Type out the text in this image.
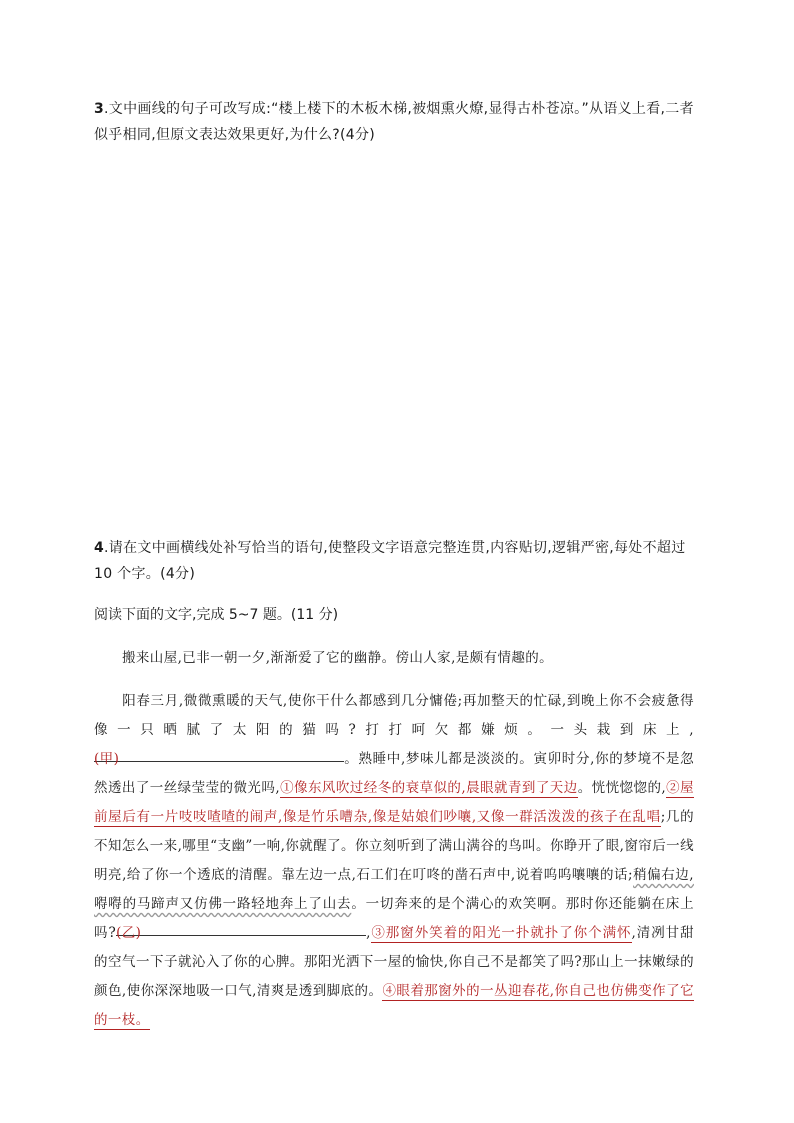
3.文中画线的句子可改写成:“楼上楼下的木板木梯,被烟熏火燎,显得古朴苍凉。”从语义上看,二者似乎相同,但原文表达效果更好,为什么?(4分)
4.请在文中画横线处补写恰当的语句,使整段文字语意完整连贯,内容贴切,逻辑严密,每处不超过 10 个字。(4分)
阅读下面的文字,完成 5~7 题。(11 分)
搬来山屋,已非一朝一夕,渐渐爱了它的幽静。傍山人家,是颇有情趣的。
阳春三月,微微熏暖的天气,使你干什么都感到几分慵倦;再加整天的忙碌,到晚上你不会疲惫得像一只晒腻了太阳的猫吗?打打呵欠都嫌烦。一头栽到床上,(甲)	。熟睡中,梦味儿都是淡淡的。寅卯时分,你的梦境不是忽然透出了一丝绿莹莹的微光吗,①像东风吹过经冬的衰草似的,晨眼就青到了天边。恍恍惚惚的,②屋前屋后有一片吱吱喳喳的闹声,像是竹乐嘈杂,像是姑娘们吵嚷,又像一群活泼泼的孩子在乱唱;几的不知怎么一来,哪里“支幽”一响,你就醒了。你立刻听到了满山满谷的鸟叫。你睁开了眼,窗帘后一线明亮,给了你一个透底的清醒。靠左边一点,石工们在叮咚的凿石声中,说着呜呜嚷嚷的话;稍偏右边,嘚嘚的马蹄声又仿佛一路轻地奔上了山去。一切奔来的是个满心的欢笑啊。那时你还能躺在床上吗?(乙)	,③那窗外笑着的阳光一扑就扑了你个满怀,清冽甘甜的空气一下子就沁入了你的心脾。那阳光洒下一屋的愉快,你自己不是都笑了吗?那山上一抹嫩绿的颜色,使你深深地吸一口气,清爽是透到脚底的。④眼着那窗外的一丛迎春花,你自己也仿佛变作了它的一枝。
